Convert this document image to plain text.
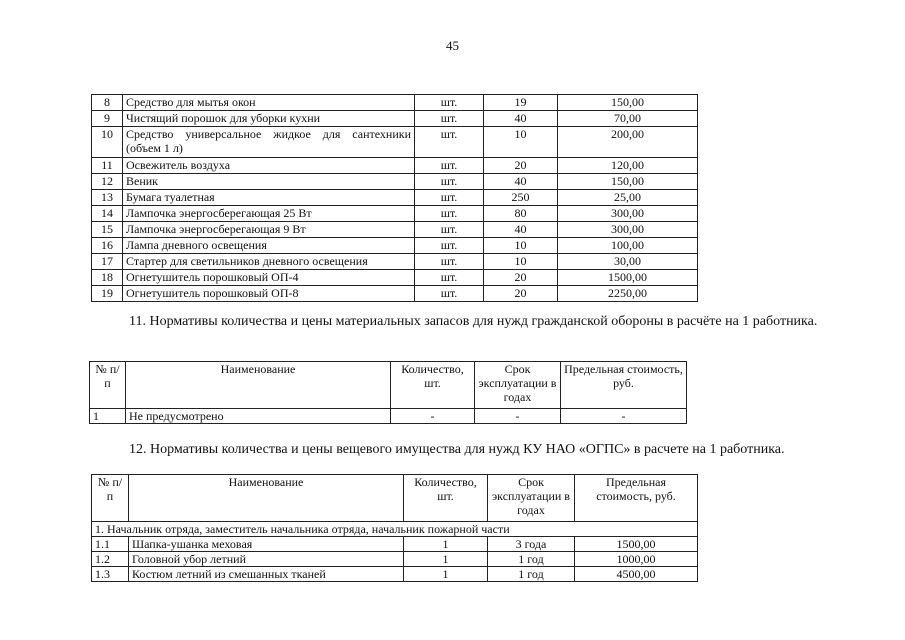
45
8	Средство для мытья окон	шт.	19	150,00
9	Чистящий порошок для уборки кухни	шт.	40	70,00
10	Средство универсальное жидкое для сантехники (объем 1 л)	шт.	10	200,00
11	Освежитель воздуха	шт.	20	120,00
12	Веник	шт.	40	150,00
13	Бумага туалетная	шт.	250	25,00
14	Лампочка энергосберегающая 25 Вт	шт.	80	300,00
15	Лампочка энергосберегающая 9 Вт	шт.	40	300,00
16	Лампа дневного освещения	шт.	10	100,00
17	Стартер для светильников дневного освещения	шт.	10	30,00
18	Огнетушитель порошковый ОП-4	шт.	20	1500,00
19	Огнетушитель порошковый ОП-8	шт.	20	2250,00
11. Нормативы количества и цены материальных запасов для нужд гражданской обороны в расчёте на 1 работника.
№ п/п	Наименование	Количество, шт.	Срок эксплуатации в годах	Предельная стоимость, руб.
1	Не предусмотрено	-	-	-
12. Нормативы количества и цены вещевого имущества для нужд КУ НАО «ОГПС» в расчете на 1 работника.
№ п/п	Наименование	Количество, шт.	Срок эксплуатации в годах	Предельная стоимость, руб.
1. Начальник отряда, заместитель начальника отряда, начальник пожарной части				
1.1	Шапка-ушанка меховая	1	3 года	1500,00
1.2	Головной убор летний	1	1 год	1000,00
1.3	Костюм летний из смешанных тканей	1	1 год	4500,00
